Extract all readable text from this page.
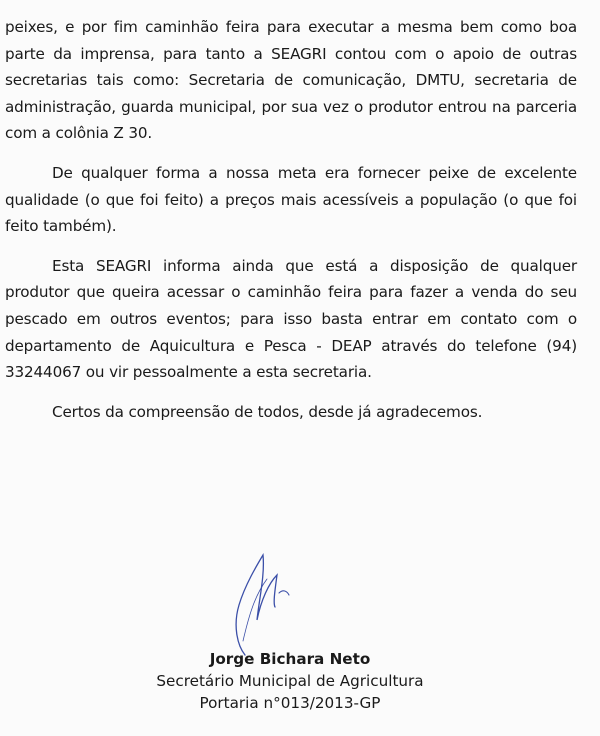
peixes, e por fim caminhão feira para executar a mesma bem como boa parte da imprensa, para tanto a SEAGRI contou com o apoio de outras secretarias tais como: Secretaria de comunicação, DMTU, secretaria de administração, guarda municipal, por sua vez o produtor entrou na parceria com a colônia Z 30.

De qualquer forma a nossa meta era fornecer peixe de excelente qualidade (o que foi feito) a preços mais acessíveis a população (o que foi feito também).

Esta SEAGRI informa ainda que está a disposição de qualquer produtor que queira acessar o caminhão feira para fazer a venda do seu pescado em outros eventos; para isso basta entrar em contato com o departamento de Aquicultura e Pesca - DEAP através do telefone (94) 33244067 ou vir pessoalmente a esta secretaria.

Certos da compreensão de todos, desde já agradecemos.

Jorge Bichara Neto
Secretário Municipal de Agricultura
Portaria n°013/2013-GP
